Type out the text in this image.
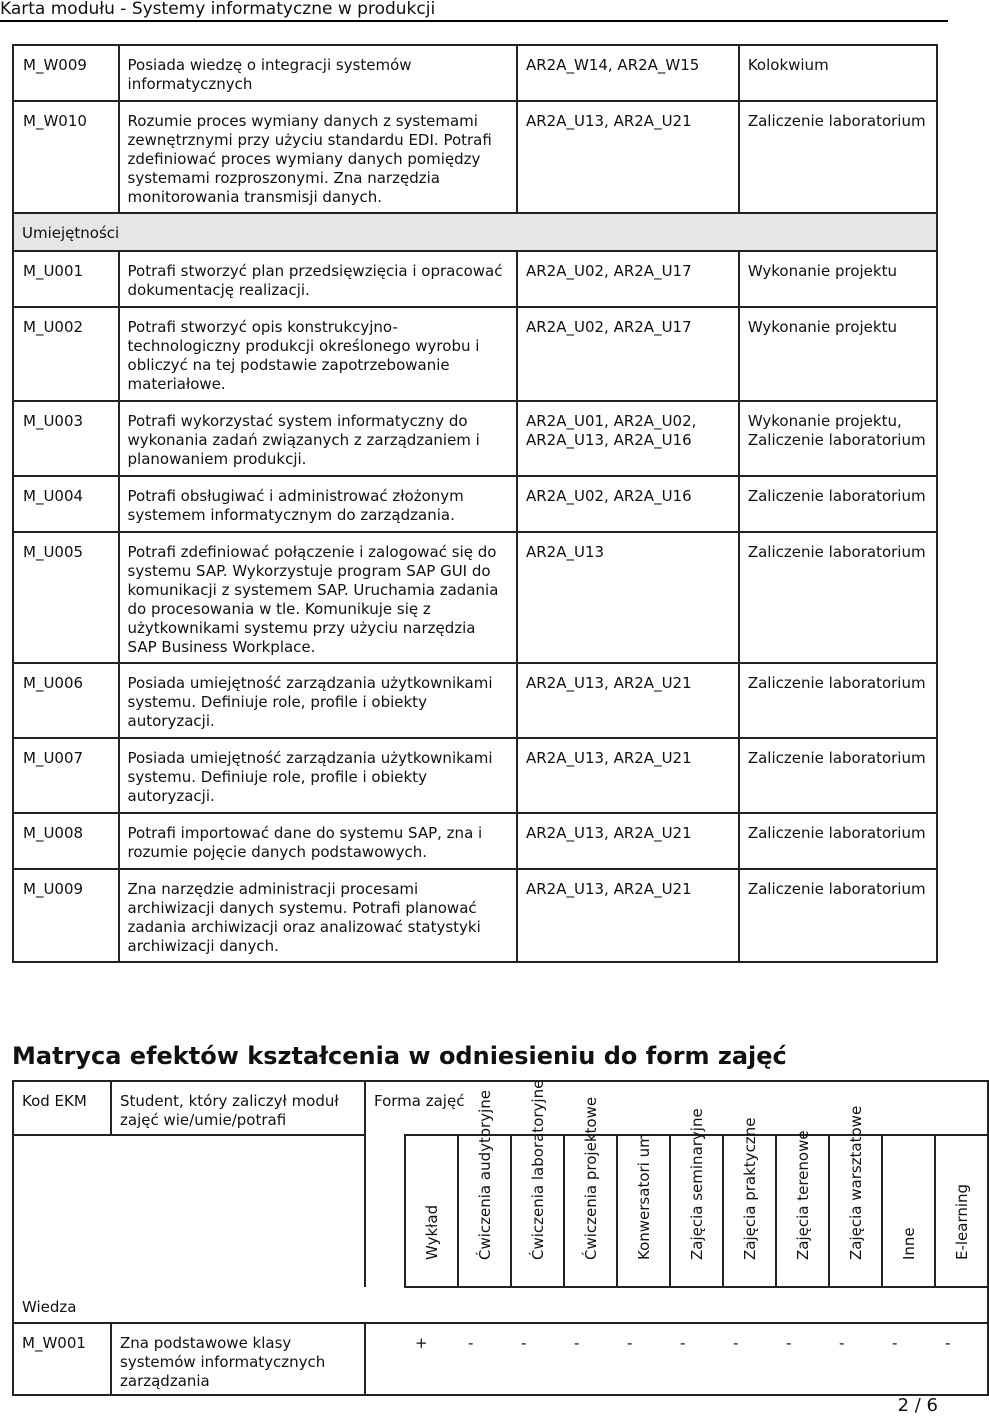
Karta modułu - Systemy informatyczne w produkcji
M_W009	Posiada wiedzę o integracji systemów informatycznych	AR2A_W14, AR2A_W15	Kolokwium
M_W010	Rozumie proces wymiany danych z systemami zewnętrznymi przy użyciu standardu EDI. Potrafi zdefiniować proces wymiany danych pomiędzy systemami rozproszonymi. Zna narzędzia monitorowania transmisji danych.	AR2A_U13, AR2A_U21	Zaliczenie laboratorium
Umiejętności			
M_U001	Potrafi stworzyć plan przedsięwzięcia i opracować dokumentację realizacji.	AR2A_U02, AR2A_U17	Wykonanie projektu
M_U002	Potrafi stworzyć opis konstrukcyjno-technologiczny produkcji określonego wyrobu i obliczyć na tej podstawie zapotrzebowanie materiałowe.	AR2A_U02, AR2A_U17	Wykonanie projektu
M_U003	Potrafi wykorzystać system informatyczny do wykonania zadań związanych z zarządzaniem i planowaniem produkcji.	AR2A_U01, AR2A_U02, AR2A_U13, AR2A_U16	Wykonanie projektu, Zaliczenie laboratorium
M_U004	Potrafi obsługiwać i administrować złożonym systemem informatycznym do zarządzania.	AR2A_U02, AR2A_U16	Zaliczenie laboratorium
M_U005	Potrafi zdefiniować połączenie i zalogować się do systemu SAP. Wykorzystuje program SAP GUI do komunikacji z systemem SAP. Uruchamia zadania do procesowania w tle. Komunikuje się z użytkownikami systemu przy użyciu narzędzia SAP Business Workplace.	AR2A_U13	Zaliczenie laboratorium
M_U006	Posiada umiejętność zarządzania użytkownikami systemu. Definiuje role, profile i obiekty autoryzacji.	AR2A_U13, AR2A_U21	Zaliczenie laboratorium
M_U007	Posiada umiejętność zarządzania użytkownikami systemu. Definiuje role, profile i obiekty autoryzacji.	AR2A_U13, AR2A_U21	Zaliczenie laboratorium
M_U008	Potrafi importować dane do systemu SAP, zna i rozumie pojęcie danych podstawowych.	AR2A_U13, AR2A_U21	Zaliczenie laboratorium
M_U009	Zna narzędzie administracji procesami archiwizacji danych systemu. Potrafi planować zadania archiwizacji oraz analizować statystyki archiwizacji danych.	AR2A_U13, AR2A_U21	Zaliczenie laboratorium
Matryca efektów kształcenia w odniesieniu do form zajęć
Kod EKM	Student, który zaliczył moduł zajęć wie/umie/potrafi	Forma zajęć											

			Wykład	Ćwiczenia audytoryjne	Ćwiczenia laboratoryjne	Ćwiczenia projektowe	Konwersatori um	Zajęcia seminaryjne	Zajęcia praktyczne	Zajęcia terenowe	Zajęcia warsztatowe	Inne	E-learning

Wiedza													
M_W001	Zna podstawowe klasy systemów informatycznych zarządzania		+	-	-	-	-	-	-	-	-	-	-
2 / 6
